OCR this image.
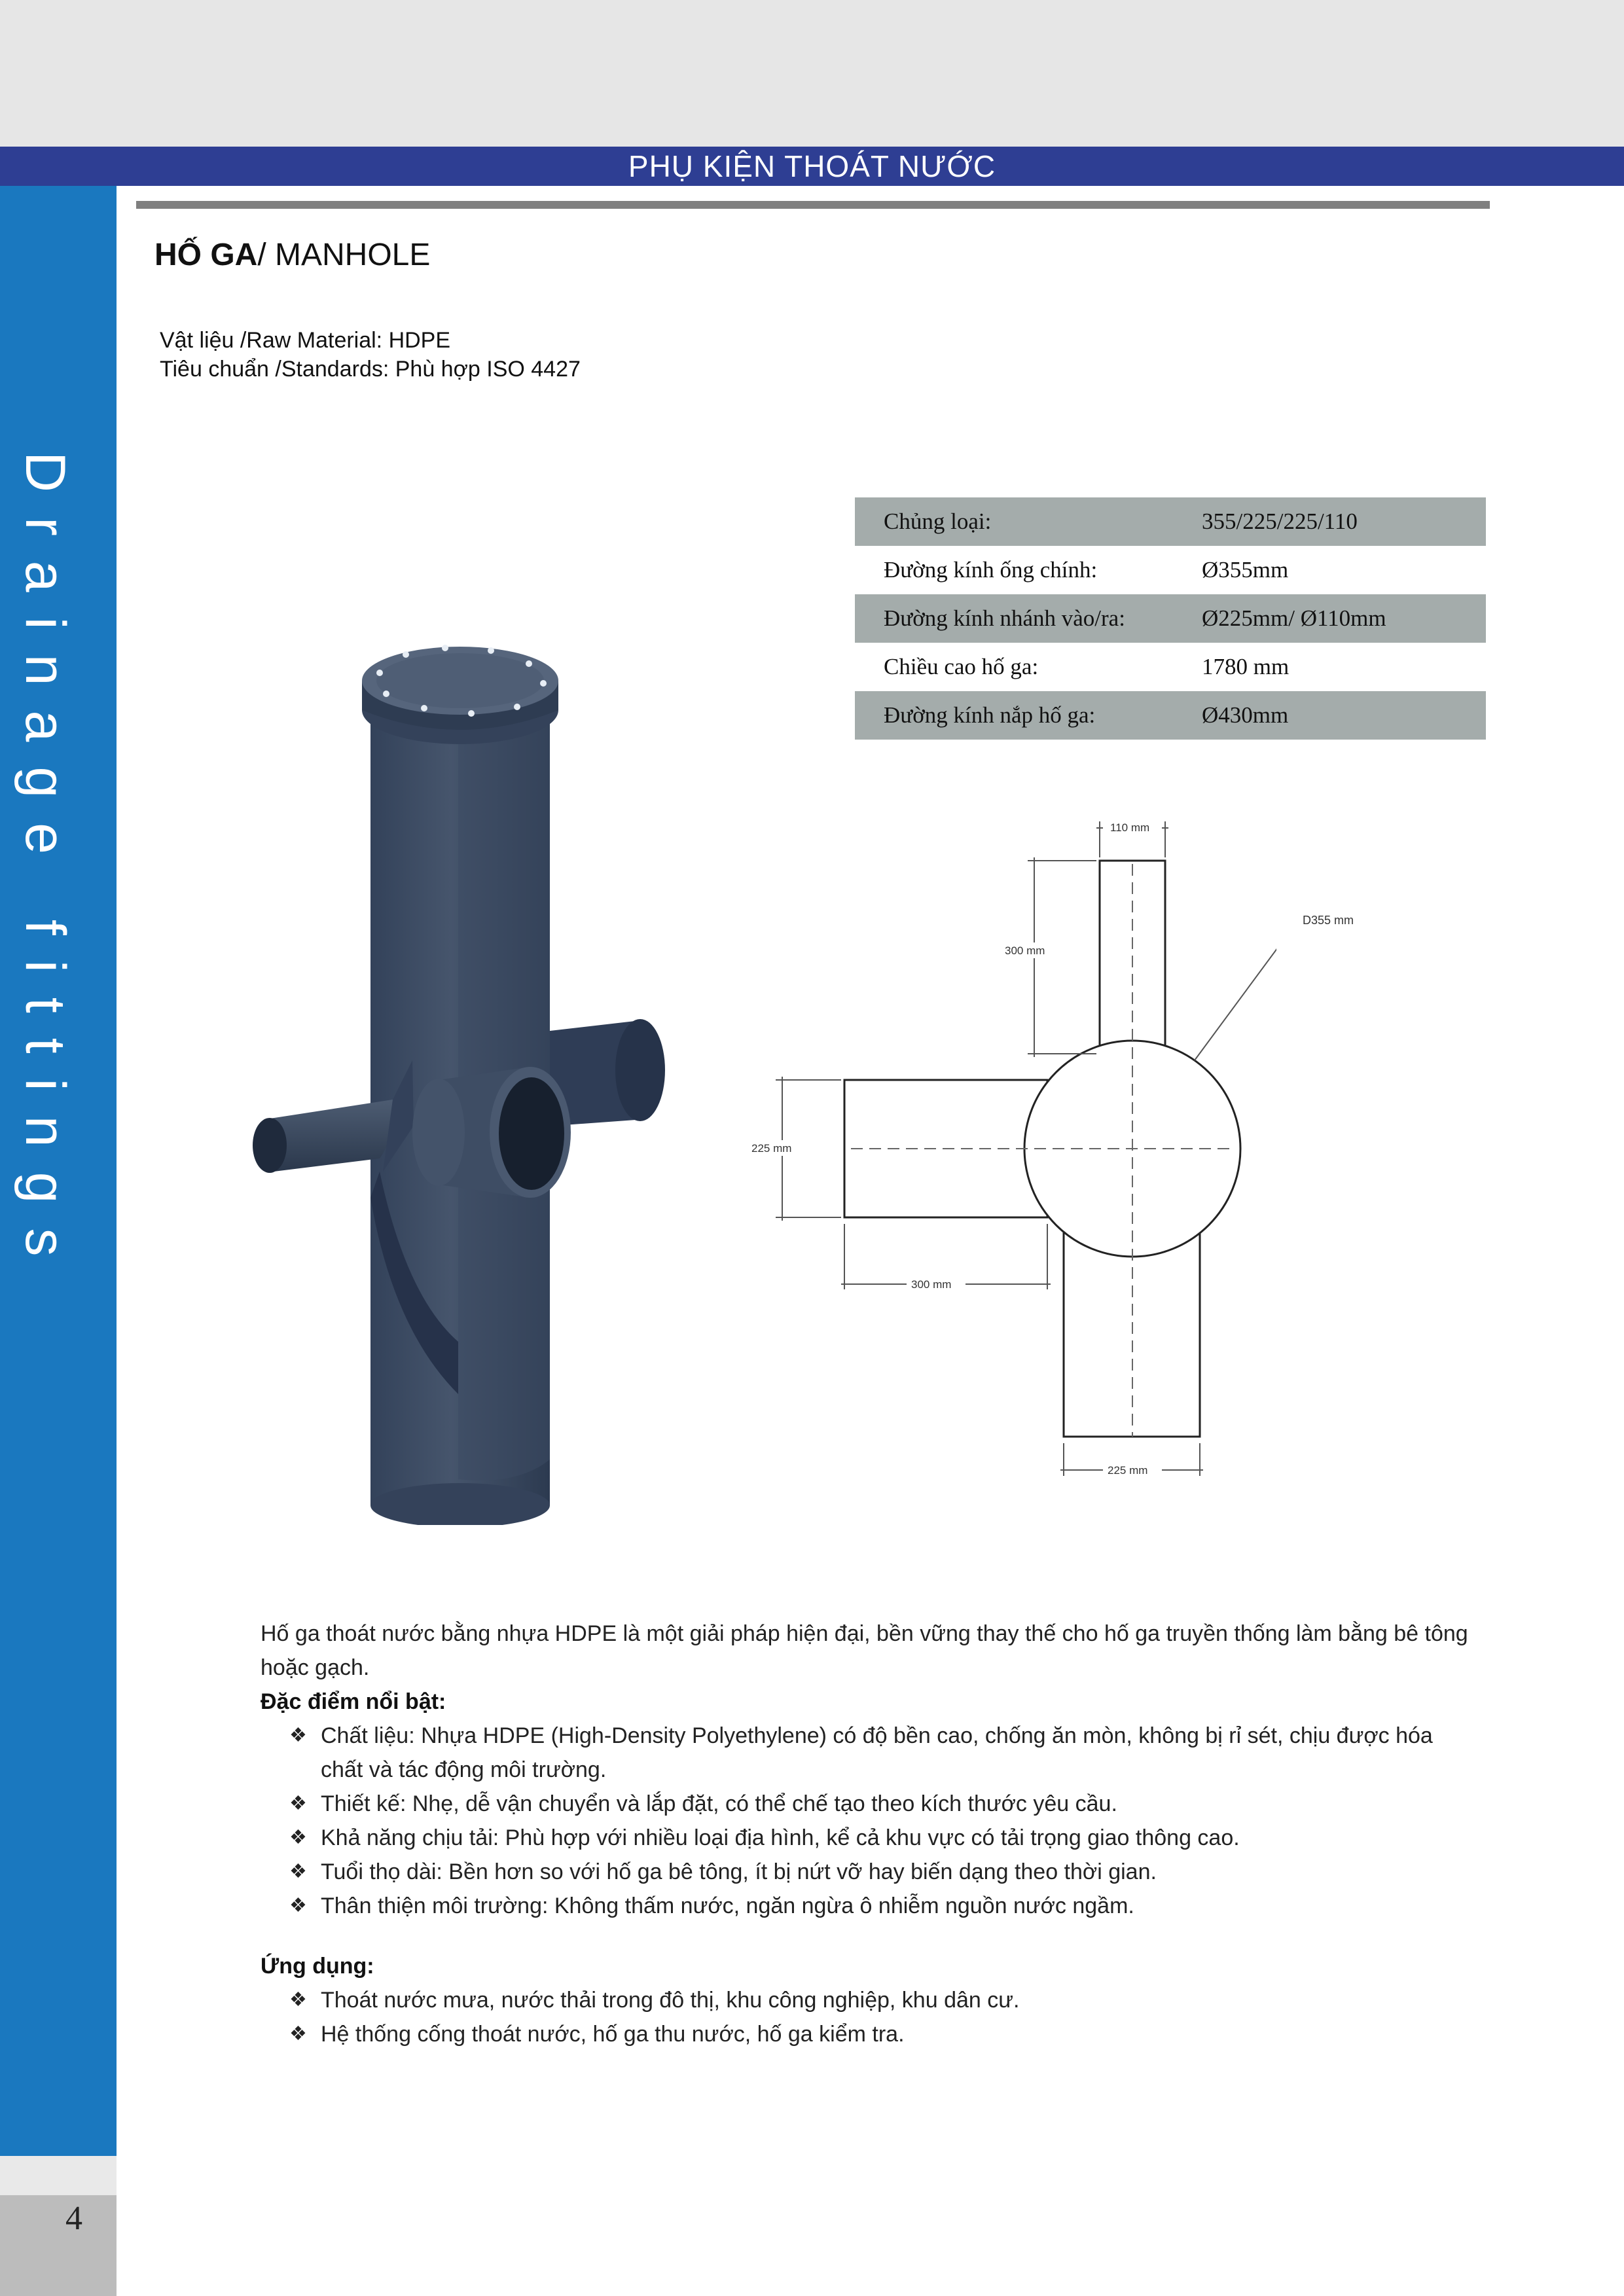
PHỤ KIỆN THOÁT NƯỚC
Drainage fittings
4
HỐ GA/ MANHOLE
Vật liệu /Raw Material: HDPE
Tiêu chuẩn /Standards: Phù hợp ISO 4427
Chủng loại:	355/225/225/110
Đường kính ống chính:	Ø355mm
Đường kính nhánh vào/ra:	Ø225mm/ Ø110mm
Chiều cao hố ga:	1780 mm
Đường kính nắp hố ga:	Ø430mm
110 mm
300 mm
225 mm
300 mm
225 mm
D355 mm
Hố ga thoát nước bằng nhựa HDPE là một giải pháp hiện đại, bền vững thay thế cho hố ga truyền thống làm bằng bê tông hoặc gạch.
Đặc điểm nổi bật:
❖ Chất liệu: Nhựa HDPE (High-Density Polyethylene) có độ bền cao, chống ăn mòn, không bị rỉ sét, chịu được hóa chất và tác động môi trường.
❖ Thiết kế: Nhẹ, dễ vận chuyển và lắp đặt, có thể chế tạo theo kích thước yêu cầu.
❖ Khả năng chịu tải: Phù hợp với nhiều loại địa hình, kể cả khu vực có tải trọng giao thông cao.
❖ Tuổi thọ dài: Bền hơn so với hố ga bê tông, ít bị nứt vỡ hay biến dạng theo thời gian.
❖ Thân thiện môi trường: Không thấm nước, ngăn ngừa ô nhiễm nguồn nước ngầm.
Ứng dụng:
❖ Thoát nước mưa, nước thải trong đô thị, khu công nghiệp, khu dân cư.
❖ Hệ thống cống thoát nước, hố ga thu nước, hố ga kiểm tra.
